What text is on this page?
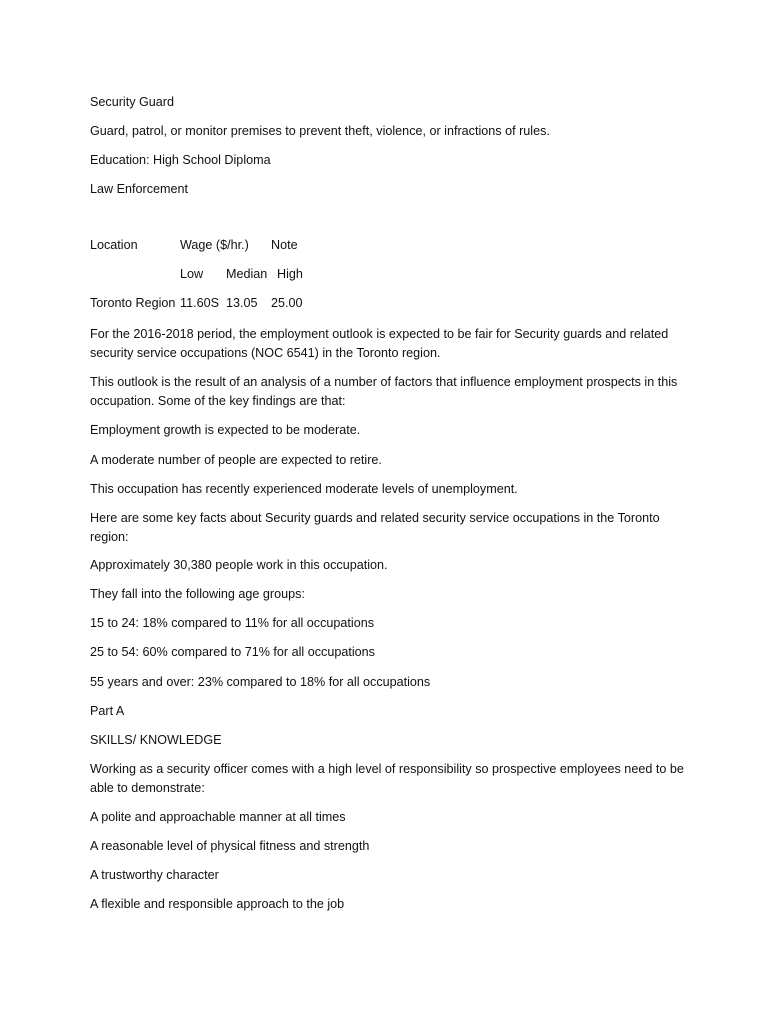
Security Guard

Guard, patrol, or monitor premises to prevent theft, violence, or infractions of rules.

Education: High School Diploma

Law Enforcement

Location	Wage ($/hr.) Note
Low Median High
Toronto Region 11.60S 13.05 25.00

For the 2016-2018 period, the employment outlook is expected to be fair for Security guards and related security service occupations (NOC 6541) in the Toronto region.

This outlook is the result of an analysis of a number of factors that influence employment prospects in this occupation. Some of the key findings are that:

Employment growth is expected to be moderate.

A moderate number of people are expected to retire.

This occupation has recently experienced moderate levels of unemployment.

Here are some key facts about Security guards and related security service occupations in the Toronto region:

Approximately 30,380 people work in this occupation.

They fall into the following age groups:

15 to 24: 18% compared to 11% for all occupations

25 to 54: 60% compared to 71% for all occupations

55 years and over: 23% compared to 18% for all occupations

Part A

SKILLS/ KNOWLEDGE

Working as a security officer comes with a high level of responsibility so prospective employees need to be able to demonstrate:

A polite and approachable manner at all times

A reasonable level of physical fitness and strength

A trustworthy character

A flexible and responsible approach to the job
